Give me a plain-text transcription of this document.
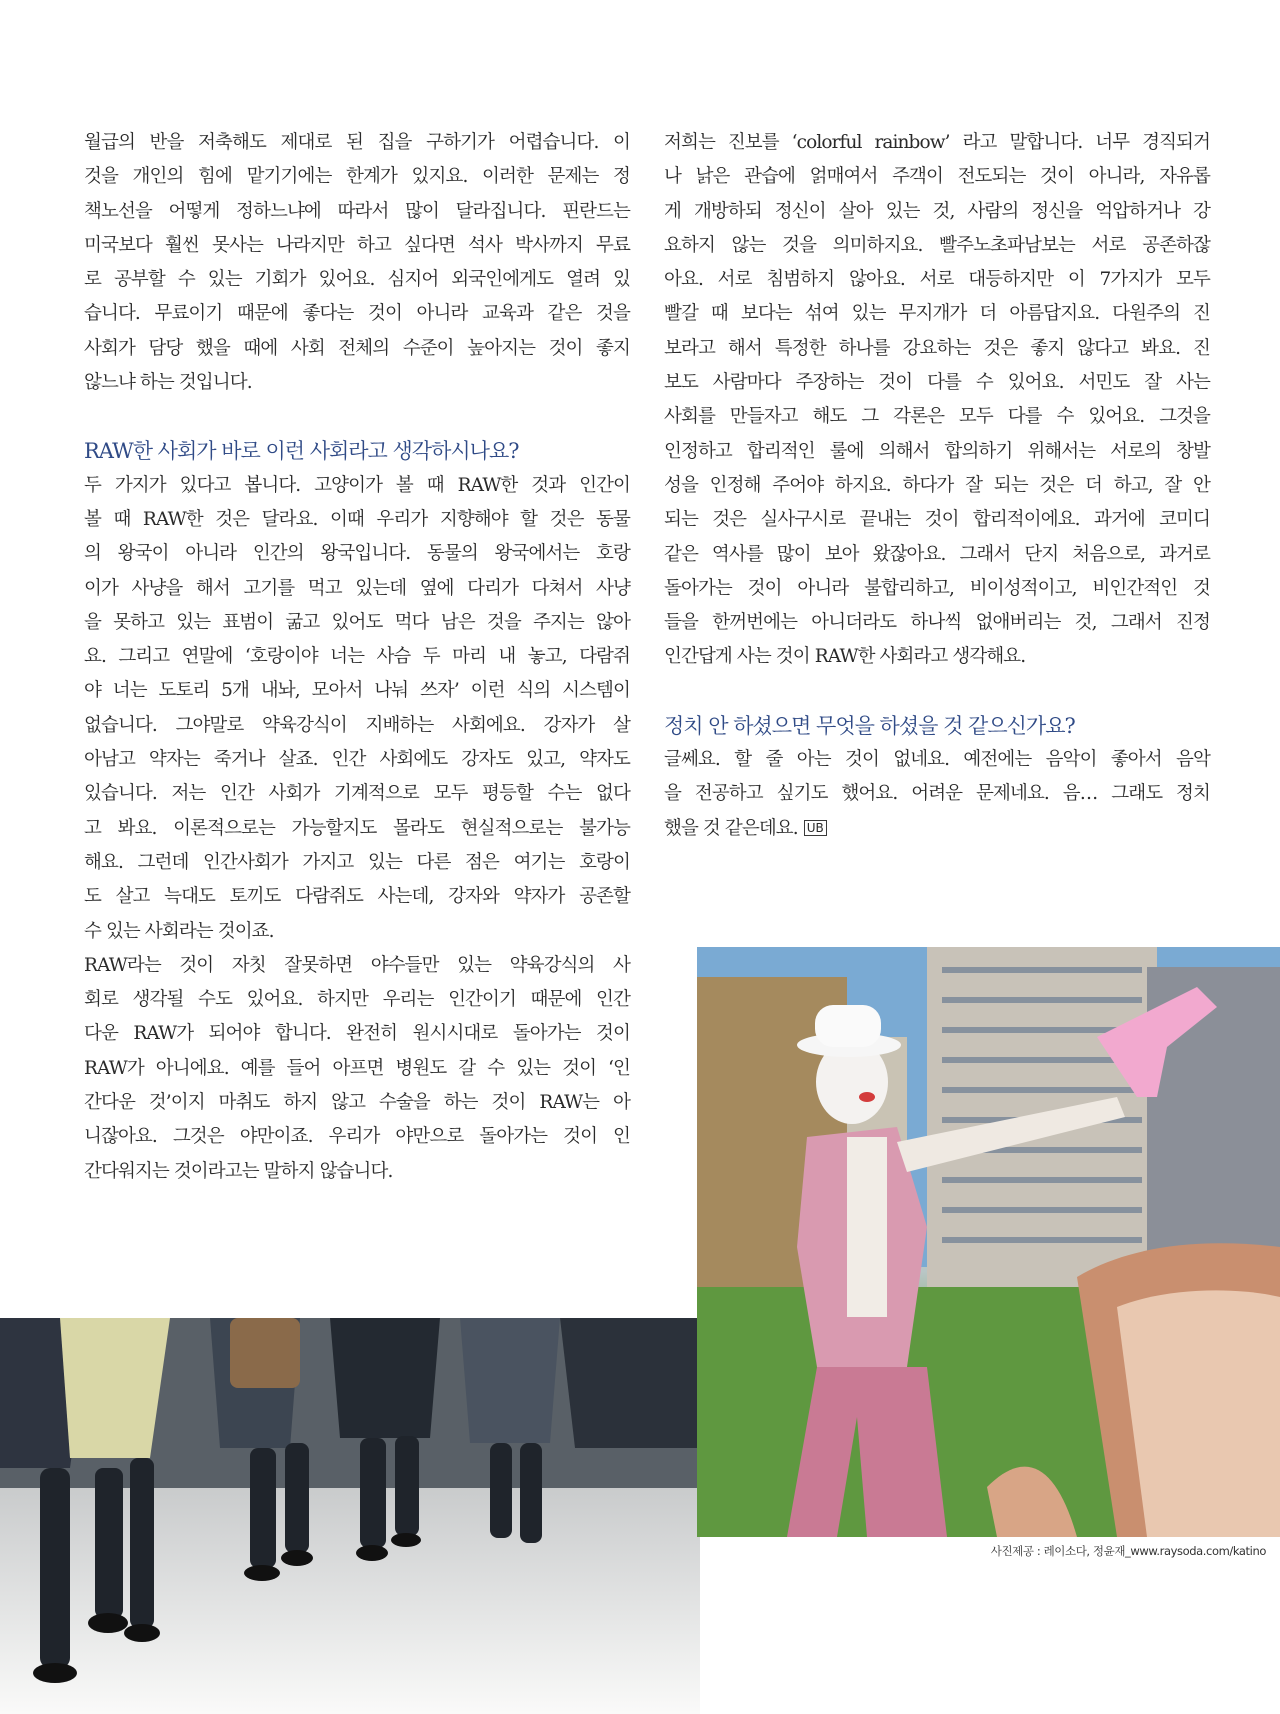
월급의 반을 저축해도 제대로 된 집을 구하기가 어렵습니다. 이
것을 개인의 힘에 맡기기에는 한계가 있지요. 이러한 문제는 정
책노선을 어떻게 정하느냐에 따라서 많이 달라집니다. 핀란드는
미국보다 훨씬 못사는 나라지만 하고 싶다면 석사 박사까지 무료
로 공부할 수 있는 기회가 있어요. 심지어 외국인에게도 열려 있
습니다. 무료이기 때문에 좋다는 것이 아니라 교육과 같은 것을
사회가 담당 했을 때에 사회 전체의 수준이 높아지는 것이 좋지
않느냐 하는 것입니다.
RAW한 사회가 바로 이런 사회라고 생각하시나요?
두 가지가 있다고 봅니다. 고양이가 볼 때 RAW한 것과 인간이
볼 때 RAW한 것은 달라요. 이때 우리가 지향해야 할 것은 동물
의 왕국이 아니라 인간의 왕국입니다. 동물의 왕국에서는 호랑
이가 사냥을 해서 고기를 먹고 있는데 옆에 다리가 다쳐서 사냥
을 못하고 있는 표범이 굶고 있어도 먹다 남은 것을 주지는 않아
요. 그리고 연말에 ‘호랑이야 너는 사슴 두 마리 내 놓고, 다람쥐
야 너는 도토리 5개 내놔, 모아서 나눠 쓰자’ 이런 식의 시스템이
없습니다. 그야말로 약육강식이 지배하는 사회에요. 강자가 살
아남고 약자는 죽거나 살죠. 인간 사회에도 강자도 있고, 약자도
있습니다. 저는 인간 사회가 기계적으로 모두 평등할 수는 없다
고 봐요. 이론적으로는 가능할지도 몰라도 현실적으로는 불가능
해요. 그런데 인간사회가 가지고 있는 다른 점은 여기는 호랑이
도 살고 늑대도 토끼도 다람쥐도 사는데, 강자와 약자가 공존할
수 있는 사회라는 것이죠.
RAW라는 것이 자칫 잘못하면 야수들만 있는 약육강식의 사
회로 생각될 수도 있어요. 하지만 우리는 인간이기 때문에 인간
다운 RAW가 되어야 합니다. 완전히 원시시대로 돌아가는 것이
RAW가 아니에요. 예를 들어 아프면 병원도 갈 수 있는 것이 ‘인
간다운 것’이지 마취도 하지 않고 수술을 하는 것이 RAW는 아
니잖아요. 그것은 야만이죠. 우리가 야만으로 돌아가는 것이 인
간다워지는 것이라고는 말하지 않습니다.
저희는 진보를 ‘colorful rainbow’ 라고 말합니다. 너무 경직되거
나 낡은 관습에 얽매여서 주객이 전도되는 것이 아니라, 자유롭
게 개방하되 정신이 살아 있는 것, 사람의 정신을 억압하거나 강
요하지 않는 것을 의미하지요. 빨주노초파남보는 서로 공존하잖
아요. 서로 침범하지 않아요. 서로 대등하지만 이 7가지가 모두
빨갈 때 보다는 섞여 있는 무지개가 더 아름답지요. 다원주의 진
보라고 해서 특정한 하나를 강요하는 것은 좋지 않다고 봐요. 진
보도 사람마다 주장하는 것이 다를 수 있어요. 서민도 잘 사는
사회를 만들자고 해도 그 각론은 모두 다를 수 있어요. 그것을
인정하고 합리적인 룰에 의해서 합의하기 위해서는 서로의 창발
성을 인정해 주어야 하지요. 하다가 잘 되는 것은 더 하고, 잘 안
되는 것은 실사구시로 끝내는 것이 합리적이에요. 과거에 코미디
같은 역사를 많이 보아 왔잖아요. 그래서 단지 처음으로, 과거로
돌아가는 것이 아니라 불합리하고, 비이성적이고, 비인간적인 것
들을 한꺼번에는 아니더라도 하나씩 없애버리는 것, 그래서 진정
인간답게 사는 것이 RAW한 사회라고 생각해요.
정치 안 하셨으면 무엇을 하셨을 것 같으신가요?
글쎄요. 할 줄 아는 것이 없네요. 예전에는 음악이 좋아서 음악
을 전공하고 싶기도 했어요. 어려운 문제네요. 음… 그래도 정치
했을 것 같은데요. UB
사진제공 : 레이소다, 정윤재_www.raysoda.com/katino
